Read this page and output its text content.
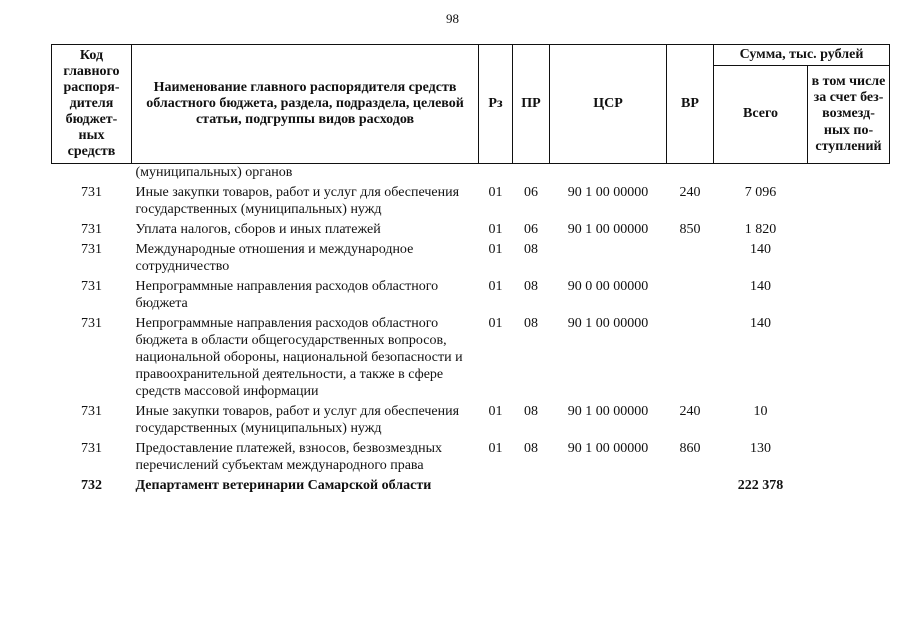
98
Код главного распоря-дителя бюджет-ных средств	Наименование главного распорядителя средств областного бюджета, раздела, подраздела, целевой статьи, подгруппы видов расходов	Рз	ПР	ЦСР	ВР	Сумма, тыс. рублей	
						Всего	в том числе за счет без-возмезд-ных по-ступлений
	(муниципальных) органов						
731	Иные закупки товаров, работ и услуг для обеспечения государственных (муниципальных) нужд	01	06	90 1 00 00000	240	7 096	
731	Уплата налогов, сборов и иных платежей	01	06	90 1 00 00000	850	1 820	
731	Международные отношения и международное сотрудничество	01	08			140	
731	Непрограммные направления расходов областного бюджета	01	08	90 0 00 00000		140	
731	Непрограммные направления расходов областного бюджета в области общегосударственных вопросов, национальной обороны, национальной безопасности и правоохранительной деятельности, а также в сфере средств массовой информации	01	08	90 1 00 00000		140	
731	Иные закупки товаров, работ и услуг для обеспечения государственных (муниципальных) нужд	01	08	90 1 00 00000	240	10	
731	Предоставление платежей, взносов, безвозмездных перечислений субъектам международного права	01	08	90 1 00 00000	860	130	
732	Департамент ветеринарии Самарской области					222 378	
